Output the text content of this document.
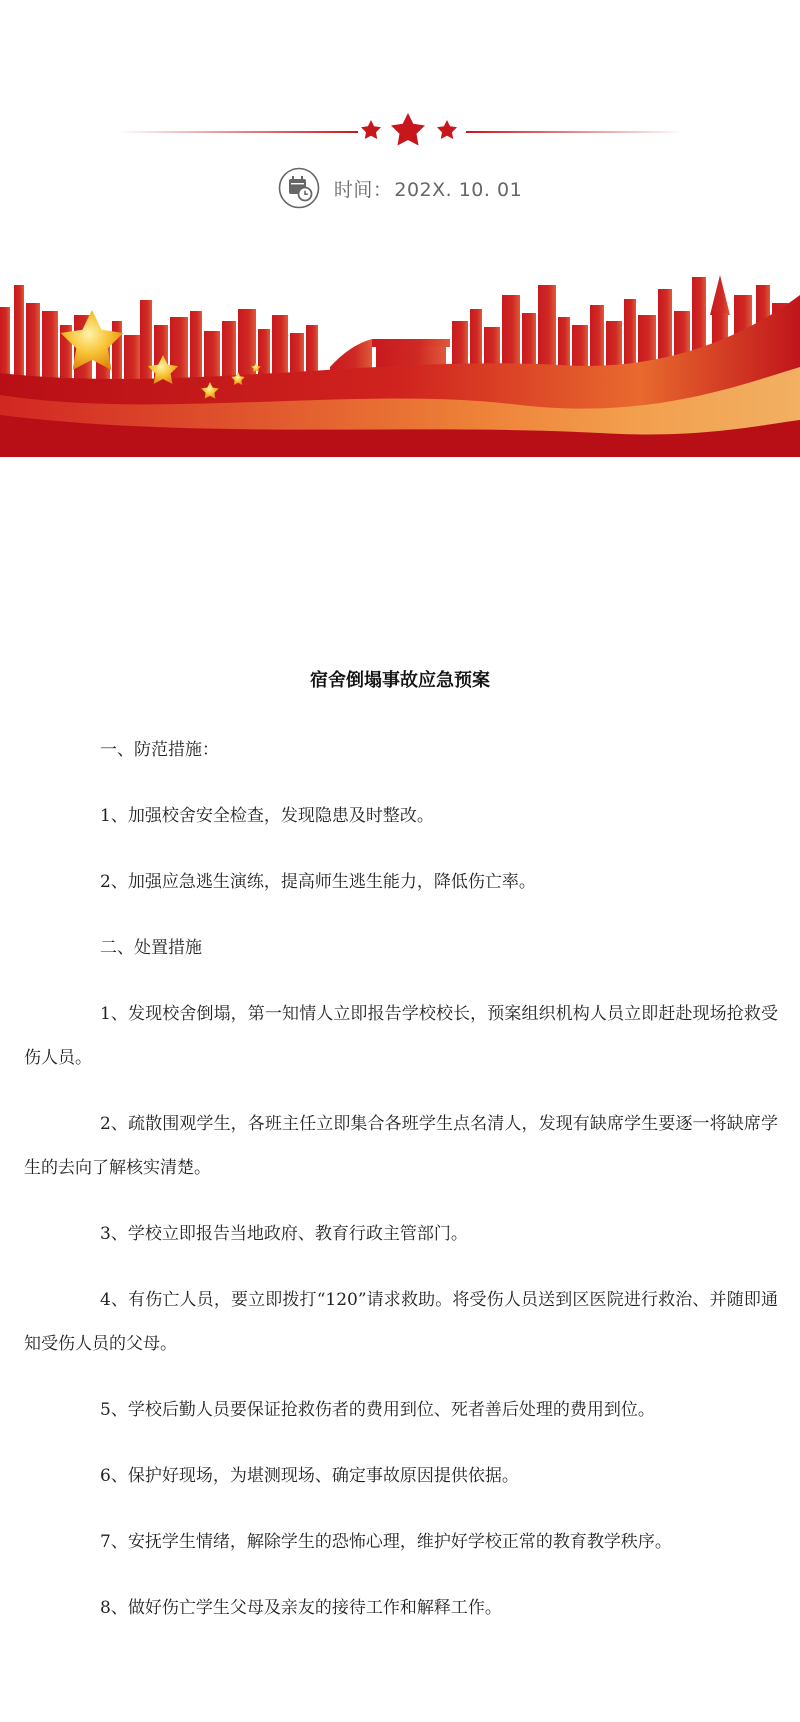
时间： 202X. 10. 01
宿舍倒塌事故应急预案

一、防范措施：

1、加强校舍安全检查，发现隐患及时整改。

2、加强应急逃生演练，提高师生逃生能力，降低伤亡率。

二、处置措施

1、发现校舍倒塌，第一知情人立即报告学校校长，预案组织机构人员立即赶赴现场抢救受伤人员。

2、疏散围观学生，各班主任立即集合各班学生点名清人，发现有缺席学生要逐一将缺席学生的去向了解核实清楚。

3、学校立即报告当地政府、教育行政主管部门。

4、有伤亡人员，要立即拨打“120”请求救助。将受伤人员送到区医院进行救治、并随即通知受伤人员的父母。

5、学校后勤人员要保证抢救伤者的费用到位、死者善后处理的费用到位。

6、保护好现场，为堪测现场、确定事故原因提供依据。

7、安抚学生情绪，解除学生的恐怖心理，维护好学校正常的教育教学秩序。

8、做好伤亡学生父母及亲友的接待工作和解释工作。
